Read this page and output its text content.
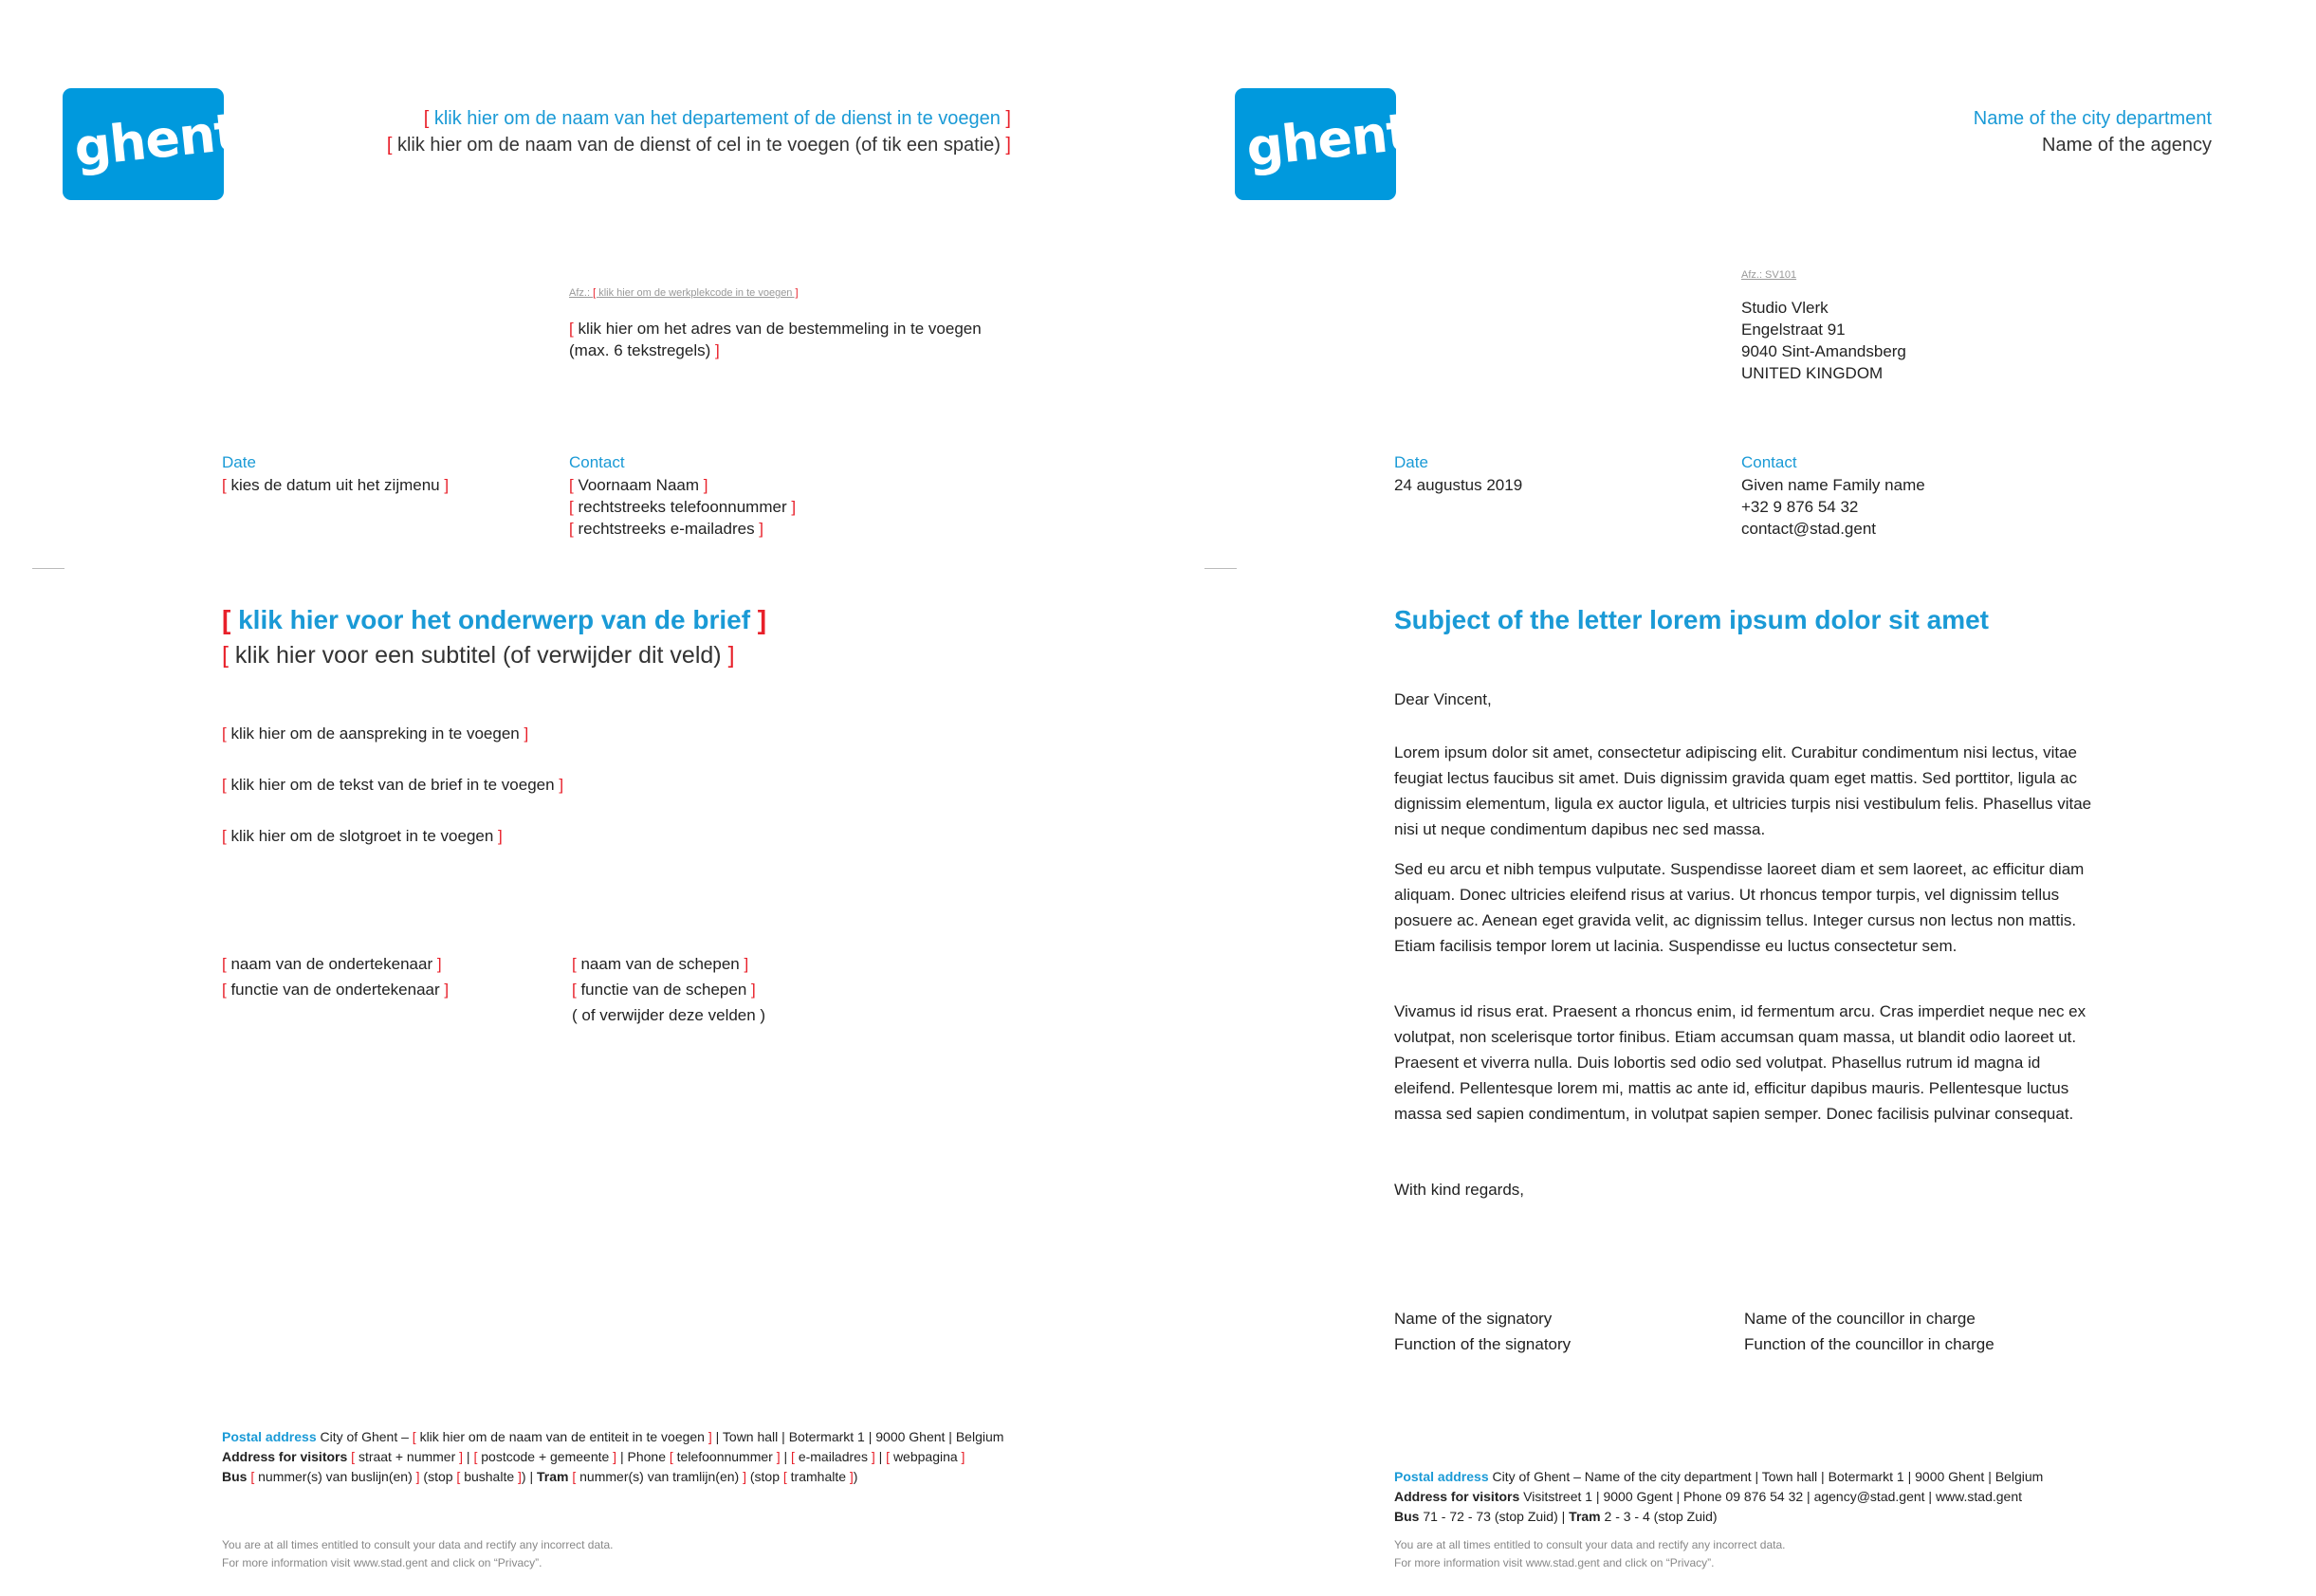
ghent:	[ klik hier om de naam van het departement of de dienst in te voegen ]
[ klik hier om de naam van de dienst of cel in te voegen (of tik een spatie) ]
Afz.: [ klik hier om de werkplekcode in te voegen ]
[ klik hier om het adres van de bestemmeling in te voegen
(max. 6 tekstregels) ]
Date
[ kies de datum uit het zijmenu ]
Contact
[ Voornaam Naam ]
[ rechtstreeks telefoonnummer ]
[ rechtstreeks e-mailadres ]
[ klik hier voor het onderwerp van de brief ]
[ klik hier voor een subtitel (of verwijder dit veld) ]
[ klik hier om de aanspreking in te voegen ]
[ klik hier om de tekst van de brief in te voegen ]
[ klik hier om de slotgroet in te voegen ]
[ naam van de ondertekenaar ]
[ functie van de ondertekenaar ]
[ naam van de schepen ]
[ functie van de schepen ]
( of verwijder deze velden )
Postal address City of Ghent – [ klik hier om de naam van de entiteit in te voegen ] | Town hall | Botermarkt 1 | 9000 Ghent | Belgium
Address for visitors [ straat + nummer ] | [ postcode + gemeente ] | Phone [ telefoonnummer ] | [ e-mailadres ] | [ webpagina ]
Bus [ nummer(s) van buslijn(en) ] (stop [ bushalte ]) | Tram [ nummer(s) van tramlijn(en) ] (stop [ tramhalte ])
You are at all times entitled to consult your data and rectify any incorrect data.
For more information visit www.stad.gent and click on “Privacy”.
ghent:	Name of the city department
Name of the agency
Afz.: SV101
Studio Vlerk
Engelstraat 91
9040 Sint-Amandsberg
UNITED KINGDOM
Date
24 augustus 2019
Contact
Given name Family name
+32 9 876 54 32
contact@stad.gent
Subject of the letter lorem ipsum dolor sit amet
Dear Vincent,

Lorem ipsum dolor sit amet, consectetur adipiscing elit. Curabitur condimentum nisi lectus, vitae feugiat lectus faucibus sit amet. Duis dignissim gravida quam eget mattis. Sed porttitor, ligula ac dignissim elementum, ligula ex auctor ligula, et ultricies turpis nisi vestibulum felis. Phasellus vitae nisi ut neque condimentum dapibus nec sed massa.

Sed eu arcu et nibh tempus vulputate. Suspendisse laoreet diam et sem laoreet, ac efficitur diam aliquam. Donec ultricies eleifend risus at varius. Ut rhoncus tempor turpis, vel dignissim tellus posuere ac. Aenean eget gravida velit, ac dignissim tellus. Integer cursus non lectus non mattis. Etiam facilisis tempor lorem ut lacinia. Suspendisse eu luctus consectetur sem.

Vivamus id risus erat. Praesent a rhoncus enim, id fermentum arcu. Cras imperdiet neque nec ex volutpat, non scelerisque tortor finibus. Etiam accumsan quam massa, ut blandit odio laoreet ut. Praesent et viverra nulla. Duis lobortis sed odio sed volutpat. Phasellus rutrum id magna id eleifend. Pellentesque lorem mi, mattis ac ante id, efficitur dapibus mauris. Pellentesque luctus massa sed sapien condimentum, in volutpat sapien semper. Donec facilisis pulvinar consequat.

With kind regards,
Name of the signatory
Function of the signatory
Name of the councillor in charge
Function of the councillor in charge
Postal address City of Ghent – Name of the city department | Town hall | Botermarkt 1 | 9000 Ghent | Belgium
Address for visitors Visitstreet 1 | 9000 Ggent | Phone 09 876 54 32 | agency@stad.gent | www.stad.gent
Bus 71 - 72 - 73 (stop Zuid) | Tram 2 - 3 - 4 (stop Zuid)
You are at all times entitled to consult your data and rectify any incorrect data.
For more information visit www.stad.gent and click on “Privacy”.
